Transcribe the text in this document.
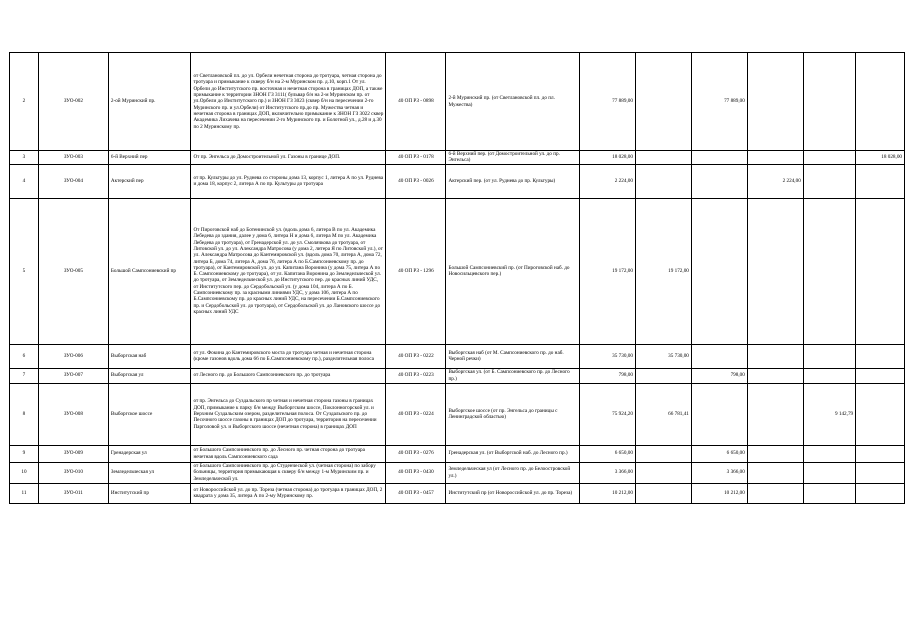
2	ЗУО-002	2-ой Муринский пр.	от Светлановской пл. до ул. Орбели нечетная сторона до тротуара, четная сторона до тротуара и примыкание к скверу б/н на 2-м Муринском пр. д.10, корп.1 От ул. Орбели до Институтского пр. восточная и нечетная сторона в границах ДОП, а также примыкание к территории ЗНОН ГЗ 3111( бульвар б/н на 2-м Муринском пр. от ул.Орбели до Институтского пр.) и ЗНОН ГЗ 3023 (сквер б/н на пересечении 2-го Муринского пр. и ул.Орбели) от Институтского пр.до пр. Мужества четная и нечетная сторона в границах ДОП, включительно примыкание к ЗНОН ГЗ 3022 сквер Академика Лихачева на пересечении 2-го Муринского пр. и Болотной ул., д.28 и д.30 по 2 Муринскому пр.	40 ОП РЗ - 0898	2-й Муринский пр. (от Светлановской пл. до пл. Мужества)	77 889,00		77 889,00			
3	ЗУО-003	6-й Верхний пер	От пр. Энгельса до Домостроительной ул. Газоны в границе ДОП.	40 ОП РЗ - 0178	6-й Верхний пер. (от Домостроительной ул. до пр. Энгельса)	18 028,00					18 028,00
4	ЗУО-004	Актерский пер	от пр. Культуры до ул. Руднева со стороны дома 13, корпус 1, литера А по ул. Руднева и дома 18, корпус 2, литера А по пр. Культуры до тротуара	40 ОП РЗ - 0026	Актерский пер. (от ул. Руднева до пр. Культуры)	2 224,00			2 224,00		
5	ЗУО-005	Большой Сампсониевский пр	От Пироговской наб до Ботенинской ул. (вдоль дома 6, литера В по ул. Академика Лебедева до здания, далее у дома 6, литера Н и дома 6, литера М по ул. Академика Лебедева до тротуара), от Гренадерской ул. до ул. Смолячкова до тротуара, от Литовской ул. до ул. Александра Матросова (у дома 2, литера Я по Литовской ул.), от ул. Александра Матросова до Кантемировской ул. (вдоль дома 70, литера А, дома 72, литера Б, дома 74, литера А, дома 76, литера А по Б.Сампсониевскому пр. до тротуара), от Кантемировской ул. до ул. Капитана Воронина (у дома 75, литера А по Б. Сампсониевскому до тротуара), от ул. Капитана Воронина до Земледельческой ул. до тротуара, от Земледельческой ул. до Институтского пер. до красных линий УДС, от Институтского пер. до Сердобольской ул. (у дома 104, литера А по Б. Сампсониевскому пр. за красными линиями УДС, у дома 106, литера А по Б.Сампсониевскому пр. до красных линий УДС, на пересечении Б.Сампсониевского пр. и Сердобольской ул. до тротуара), от Сердобольской ул. до Лановского шоссе до красных линий УДС	40 ОП РЗ - 1296	Большой Сампсониевский пр. (от Пироговской наб. до Новосильцевского пер.)	19 172,00	19 172,00				
6	ЗУО-006	Выборгская наб	от ул. Фокина до Кантемировского моста до тротуара четная и нечетная сторона (кроме газонов вдоль дома 66 по Б.Сампсониевскому пр.), разделительная полоса	40 ОП РЗ - 0222	Выборгская наб (от М. Сампсониевского пр. до наб. Черной речки)	35 730,00	35 730,00				
7	ЗУО-007	Выборгская ул	от Лесного пр. до Большого Сампсониевского пр. до тротуара	40 ОП РЗ - 0223	Выборгская ул. (от Б. Сампсониевского пр. до Лесного пр.)	798,00		798,00			
8	ЗУО-008	Выборгское шоссе	от пр. Энгельса до Суздальского пр четная и нечетная сторона газоны в границах ДОП, примыкание к парку б/н между Выборгским шоссе, Поклонногорской ул. и Верхним Суздальским озером, разделительная полоса. От Суздальского пр. до Песочного шоссе газоны в границах ДОП до тротуара, территория на пересечении Парголовой ул. и Выборгского шоссе (нечетная сторона) в границах ДОП	40 ОП РЗ - 0224	Выборгское шоссе (от пр. Энгельса до границы с Ленинградской областью)	75 924,20	66 781,41			9 142,79	
9	ЗУО-009	Гренадерская ул	от Большого Сампсониевского пр. до Лесного пр. четная сторона до тротуара нечетная вдоль Сампсониевского сада	40 ОП РЗ - 0276	Гренадерская ул. (от Выборгской наб. до Лесного пр.)	6 650,00		6 650,00			
10	ЗУО-010	Земледельческая ул	от Большого Сампсониевского пр. до Студенческой ул. (четная сторона) по забору больницы, территория примыкающая к скверу б/н между 1-м Муринским пр. и Земледельческой ул.	40 ОП РЗ - 0430	Земледельческая ул (от Лесного пр. до Белоостровской ул.)	3 366,00		3 366,00			
11	ЗУО-011	Институтский пр	от Новороссийской ул. до пр. Тореза (четная сторона) до тротуара в границах ДОП, 2 квадрата у дома 35, литера А по 2-му Муринскому пр.	40 ОП РЗ - 0457	Институтский пр (от Новороссийской ул. до пр. Тореза)	10 212,00		10 212,00			
